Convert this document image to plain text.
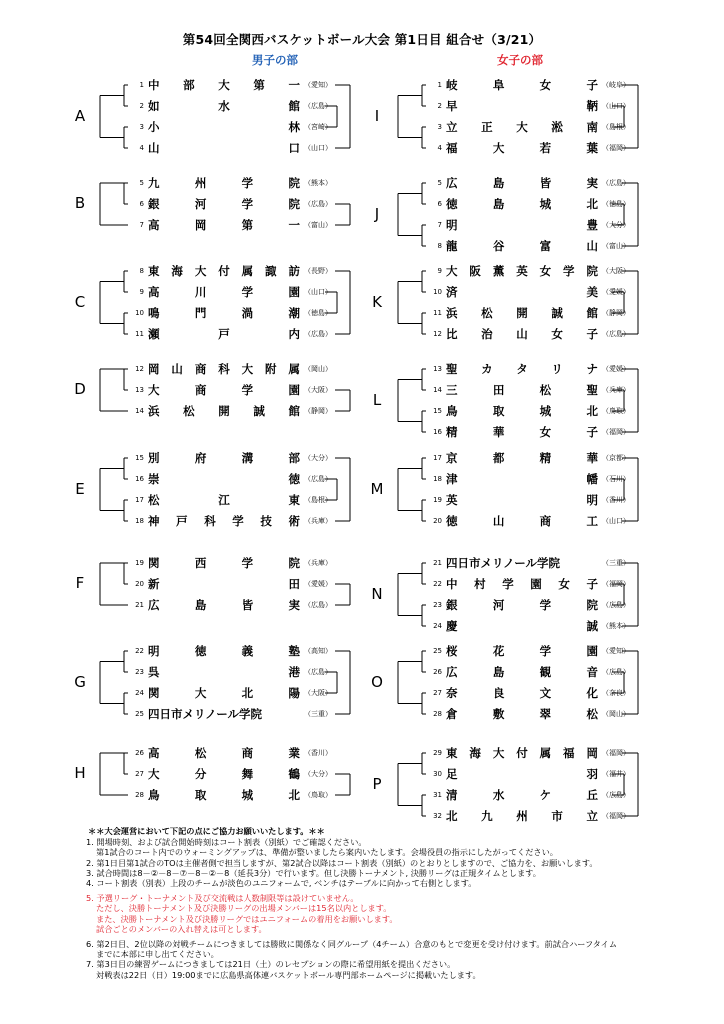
第54回全関西バスケットボール大会 第1日目 組合せ（3/21）
男子の部	女子の部
A
1 中 部 大 第 一 （愛知）
2 如	水	館 （広島）
3 小	林 （宮崎）
4 山	口 （山口）
B
5 九	州	学	院 （熊本）
6 銀	河	学	院 （広島）
7 高	岡	第	一 （富山）
C
8 東 海 大 付 属 諏 訪 （長野）
9 高	川	学	園 （山口）
10 鳴	門	渦	潮 （徳島）
11 瀬	戸	内 （広島）
D
12 岡 山 商 科 大 附 属 （岡山）
13 大	商	学	園 （大阪）
14 浜 松 開 誠 館 （静岡）
E
15 別	府	溝	部 （大分）
16 崇	徳 （広島）
17 松	江	東 （島根）
18 神 戸 科 学 技 術 （兵庫）
F
19 関	西	学	院 （兵庫）
20 新	田 （愛媛）
21 広	島	皆	実 （広島）
G
22 明	徳	義	塾 （高知）
23 呉	港 （広島）
24 関	大	北	陽 （大阪）
25 四日市メリノール学院	（三重）
H
26 高	松	商	業 （香川）
27 大	分	舞	鶴 （大分）
28 鳥	取	城	北 （鳥取）
I
1 岐	阜	女	子 （岐阜）
2 早	鞆 （山口）
3 立 正 大 淞 南 （島根）
4 福	大	若	葉 （福岡）
J
5 広	島	皆	実 （広島）
6 徳	島	城	北 （徳島）
7 明	豊 （大分）
8 龍	谷	富	山 （富山）
K
9 大 阪 薫 英 女 学 院 （大阪）
10 済	美 （愛媛）
11 浜 松 開 誠 館 （静岡）
12 比 治 山 女 子 （広島）
L
13 聖 カ タ リ ナ （愛媛）
14 三	田	松	聖 （兵庫）
15 鳥	取	城	北 （鳥取）
16 精	華	女	子 （福岡）
M
17 京	都	精	華 （京都）
18 津	幡 （石川）
19 英	明 （香川）
20 徳	山	商	工 （山口）
N
21 四日市メリノール学院	（三重）
22 中 村 学 園 女 子 （福岡）
23 銀	河	学	院 （広島）
24 慶	誠 （熊本）
O
25 桜	花	学	園 （愛知）
26 広	島	観	音 （広島）
27 奈	良	文	化 （奈良）
28 倉	敷	翠	松 （岡山）
P
29 東 海 大 付 属 福 岡 （福岡）
30 足	羽 （福井）
31 清	水	ケ	丘 （広島）
32 北 九 州 市 立 （福岡）
＊＊大会運営において下記の点にご協力お願いいたします。＊＊
1. 開場時刻、および試合開始時刻はコート割表（別紙）でご確認ください。
第1試合のコート内でのウォーミングアップは、準備が整いましたら案内いたします。会場役員の指示にしたがってください。
2. 第1日目第1試合のTOは主催者側で担当しますが、第2試合以降はコート割表（別紙）のとおりとしますので、ご協力を、お願いします。
3. 試合時間は8－②－8－⑦－8－②－8（延長3分）で行います。但し決勝トーナメント, 決勝リーグは正規タイムとします。
4. コート割表（別表）上段のチームが淡色のユニフォームで, ベンチはテーブルに向かって右側とします。
5. 予選リーグ・トーナメント及び交流戦は人数制限等は設けていません。
ただし、決勝トーナメント及び決勝リーグの出場メンバーは15名以内とします。
また、決勝トーナメント及び決勝リーグではユニフォームの着用をお願いします。
試合ごとのメンバーの入れ替えは可とします。
6. 第2日目、2位以降の対戦チームにつきましては勝敗に関係なく同グループ（4チーム）合意のもとで変更を受け付けます。前試合ハーフタイム
までに本部に申し出てください。
7. 第3日目の練習ゲームにつきましては21日（土）のレセプションの際に希望用紙を提出ください。
対戦表は22日（日）19:00までに広島県高体連バスケットボール専門部ホームページに掲載いたします。
